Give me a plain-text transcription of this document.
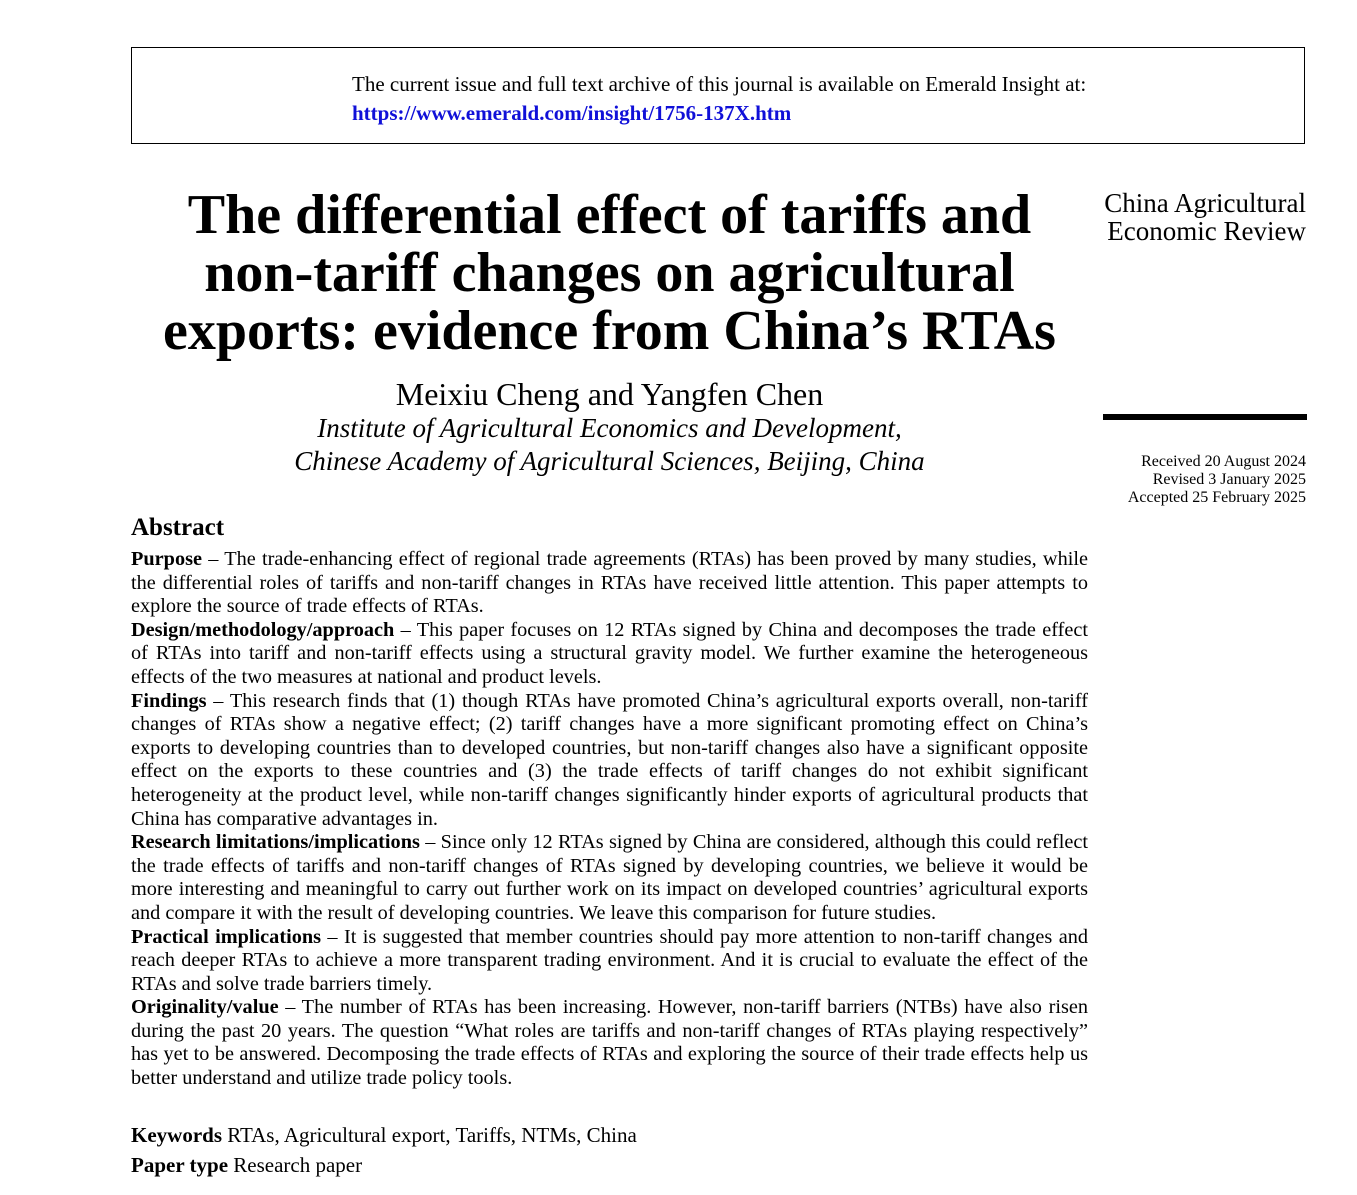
The current issue and full text archive of this journal is available on Emerald Insight at:
https://www.emerald.com/insight/1756-137X.htm
The differential effect of tariffs and
non-tariff changes on agricultural
exports: evidence from China’s RTAs
Meixiu Cheng and Yangfen Chen
Institute of Agricultural Economics and Development,
Chinese Academy of Agricultural Sciences, Beijing, China
China Agricultural
Economic Review
Received 20 August 2024
Revised 3 January 2025
Accepted 25 February 2025
Abstract

Purpose – The trade-enhancing effect of regional trade agreements (RTAs) has been proved by many studies, while the differential roles of tariffs and non-tariff changes in RTAs have received little attention. This paper attempts to explore the source of trade effects of RTAs.

Design/methodology/approach – This paper focuses on 12 RTAs signed by China and decomposes the trade effect of RTAs into tariff and non-tariff effects using a structural gravity model. We further examine the heterogeneous effects of the two measures at national and product levels.

Findings – This research finds that (1) though RTAs have promoted China’s agricultural exports overall, non-tariff changes of RTAs show a negative effect; (2) tariff changes have a more significant promoting effect on China’s exports to developing countries than to developed countries, but non-tariff changes also have a significant opposite effect on the exports to these countries and (3) the trade effects of tariff changes do not exhibit significant heterogeneity at the product level, while non-tariff changes significantly hinder exports of agricultural products that China has comparative advantages in.

Research limitations/implications – Since only 12 RTAs signed by China are considered, although this could reflect the trade effects of tariffs and non-tariff changes of RTAs signed by developing countries, we believe it would be more interesting and meaningful to carry out further work on its impact on developed countries’ agricultural exports and compare it with the result of developing countries. We leave this comparison for future studies.

Practical implications – It is suggested that member countries should pay more attention to non-tariff changes and reach deeper RTAs to achieve a more transparent trading environment. And it is crucial to evaluate the effect of the RTAs and solve trade barriers timely.

Originality/value – The number of RTAs has been increasing. However, non-tariff barriers (NTBs) have also risen during the past 20 years. The question “What roles are tariffs and non-tariff changes of RTAs playing respectively” has yet to be answered. Decomposing the trade effects of RTAs and exploring the source of their trade effects help us better understand and utilize trade policy tools.

Keywords RTAs, Agricultural export, Tariffs, NTMs, China
Paper type Research paper
